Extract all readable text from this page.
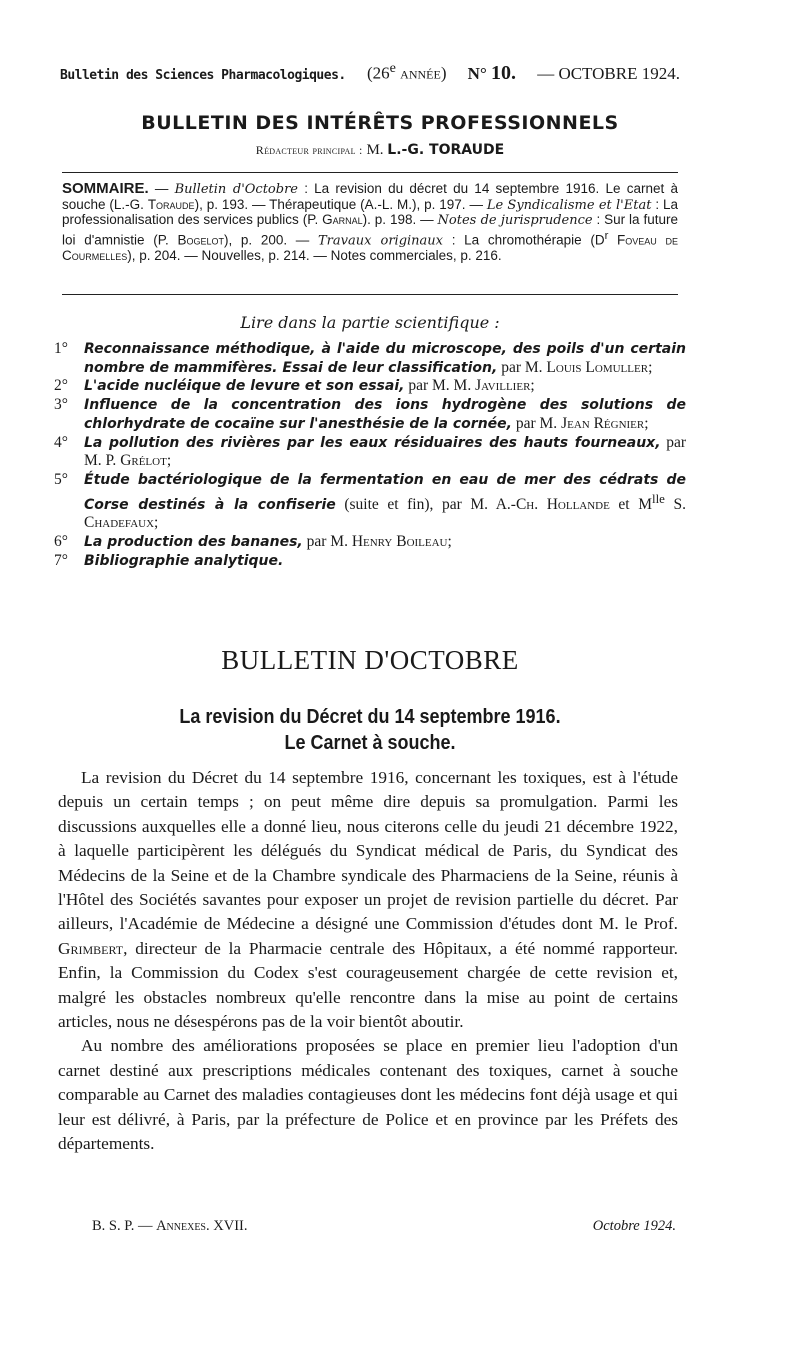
Bulletin des Sciences Pharmacologiques. (26e année) N° 10. — OCTOBRE 1924.
BULLETIN DES INTÉRÊTS PROFESSIONNELS
Rédacteur principal : M. L.-G. TORAUDE
SOMMAIRE. — Bulletin d'Octobre : La revision du décret du 14 septembre 1916. Le carnet à souche (L.-G. Toraude), p. 193. — Thérapeutique (A.-L. M.), p. 197. — Le Syndicalisme et l'Etat : La professionalisation des services publics (P. Garnal). p. 198. — Notes de jurisprudence : Sur la future loi d'amnistie (P. Bogelot), p. 200. — Travaux originaux : La chromothérapie ($D^r$ Foveau de Courmelles), p. 204. — Nouvelles, p. 214. — Notes commerciales, p. 216.
Lire dans la partie scientifique :
1° Reconnaissance méthodique, à l'aide du microscope, des poils d'un certain nombre de mammifères. Essai de leur classification, par M. Louis Lomuller;
2° L'acide nucléique de levure et son essai, par M. M. Javillier;
3° Influence de la concentration des ions hydrogène des solutions de chlorhydrate de cocaïne sur l'anesthésie de la cornée, par M. Jean Régnier;
4° La pollution des rivières par les eaux résiduaires des hauts fourneaux, par M. P. Grélot;
5° Étude bactériologique de la fermentation en eau de mer des cédrats de Corse destinés à la confiserie (suite et fin), par M. A.-Ch. Hollande et $M^{lle}$ S. Chadefaux;
6° La production des bananes, par M. Henry Boileau;
7° Bibliographie analytique.
BULLETIN D'OCTOBRE
La revision du Décret du 14 septembre 1916.
Le Carnet à souche.

La revision du Décret du 14 septembre 1916, concernant les toxiques, est à l'étude depuis un certain temps ; on peut même dire depuis sa promulgation. Parmi les discussions auxquelles elle a donné lieu, nous citerons celle du jeudi 21 décembre 1922, à laquelle participèrent les délégués du Syndicat médical de Paris, du Syndicat des Médecins de la Seine et de la Chambre syndicale des Pharmaciens de la Seine, réunis à l'Hôtel des Sociétés savantes pour exposer un projet de revision partielle du décret. Par ailleurs, l'Académie de Médecine a désigné une Commission d'études dont M. le Prof. Grimbert, directeur de la Pharmacie centrale des Hôpitaux, a été nommé rapporteur. Enfin, la Commission du Codex s'est courageusement chargée de cette revision et, malgré les obstacles nombreux qu'elle rencontre dans la mise au point de certains articles, nous ne désespérons pas de la voir bientôt aboutir.

Au nombre des améliorations proposées se place en premier lieu l'adoption d'un carnet destiné aux prescriptions médicales contenant des toxiques, carnet à souche comparable au Carnet des maladies contagieuses dont les médecins font déjà usage et qui leur est délivré, à Paris, par la préfecture de Police et en province par les Préfets des départements.

B. S. P. — Annexes. XVII.	Octobre 1924.
